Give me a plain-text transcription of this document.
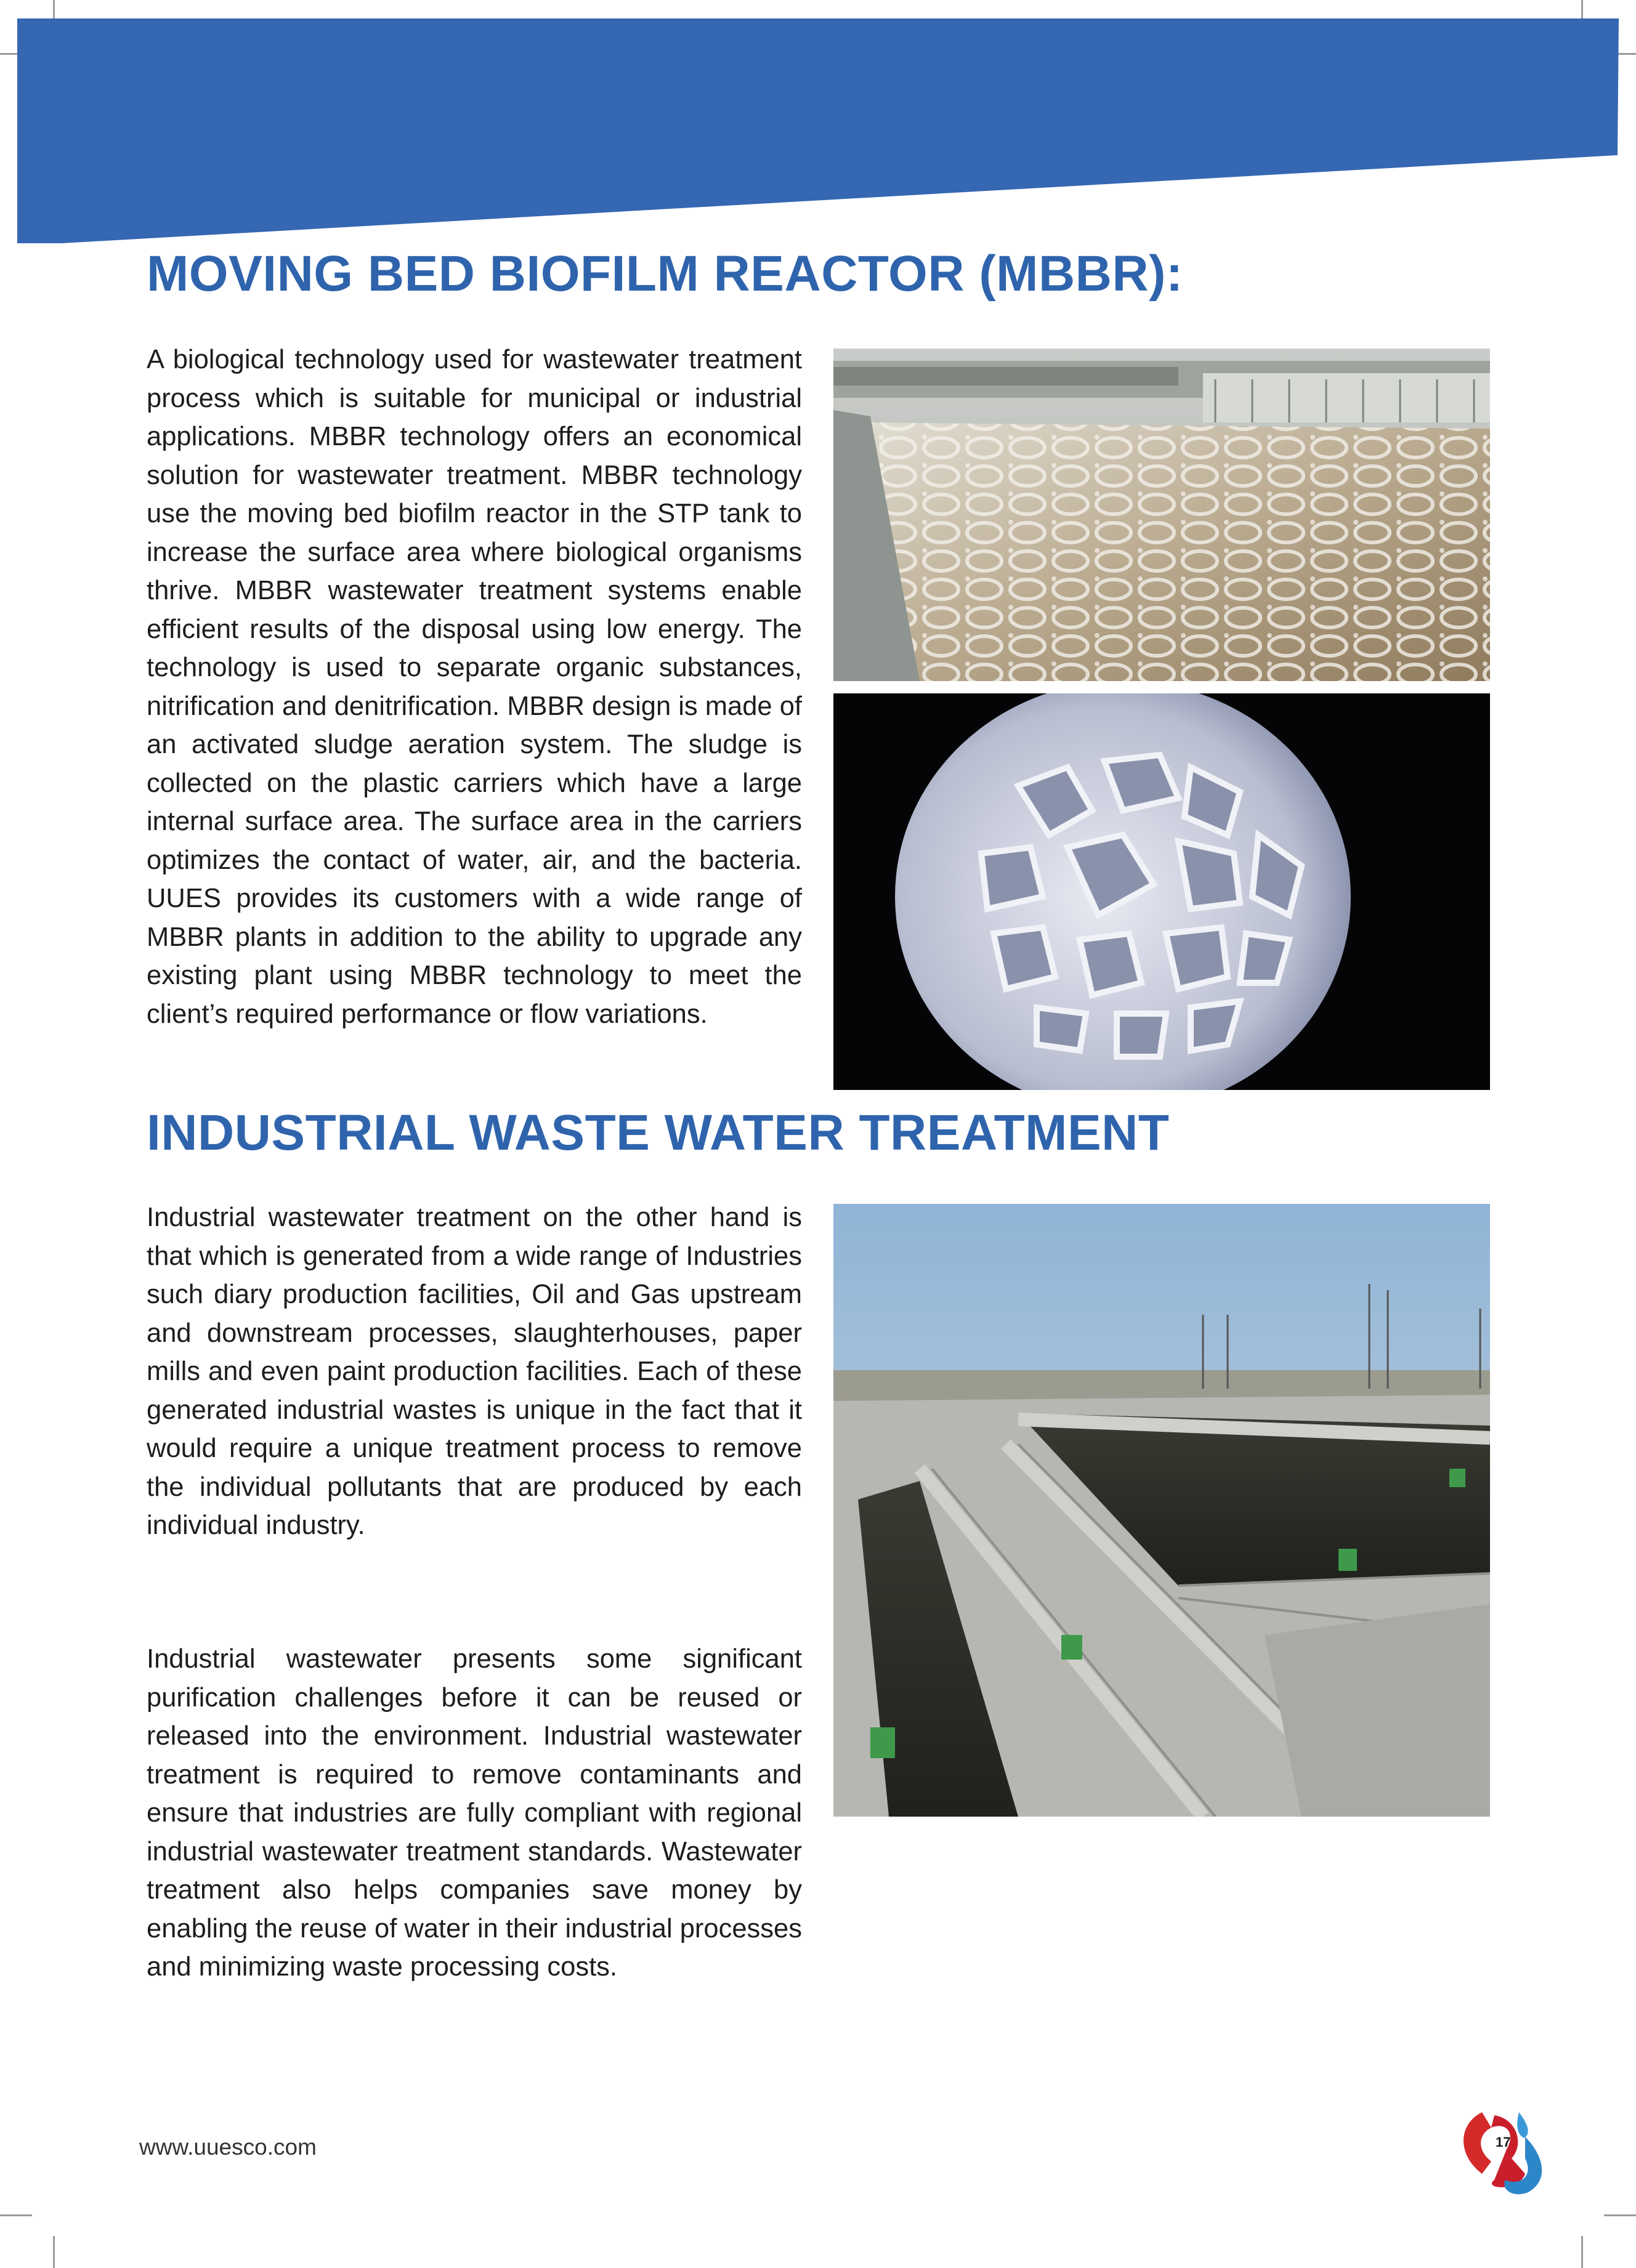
MOVING BED BIOFILM REACTOR (MBBR):

A biological technology used for wastewater treatment process which is suitable for municipal or industrial applications. MBBR technology offers an economical solution for wastewater treatment. MBBR technology use the moving bed biofilm reactor in the STP tank to increase the surface area where biological organisms thrive. MBBR wastewater treatment systems enable efficient results of the disposal using low energy. The technology is used to separate organic substances, nitrification and denitrification. MBBR design is made of an activated sludge aeration system. The sludge is collected on the plastic carriers which have a large internal surface area. The surface area in the carriers optimizes the contact of water, air, and the bacteria. UUES provides its customers with a wide range of MBBR plants in addition to the ability to upgrade any existing plant using MBBR technology to meet the client’s required performance or flow variations.

INDUSTRIAL WASTE WATER TREATMENT

Industrial wastewater treatment on the other hand is that which is generated from a wide range of Industries such diary production facilities, Oil and Gas upstream and downstream processes, slaughterhouses, paper mills and even paint production facilities. Each of these generated industrial wastes is unique in the fact that it would require a unique treatment process to remove the individual pollutants that are produced by each individual industry.

Industrial wastewater presents some significant purification challenges before it can be reused or released into the environment. Industrial wastewater treatment is required to remove contaminants and ensure that industries are fully compliant with regional industrial wastewater treatment standards. Wastewater treatment also helps companies save money by enabling the reuse of water in their industrial processes and minimizing waste processing costs.

www.uuesco.com	17
